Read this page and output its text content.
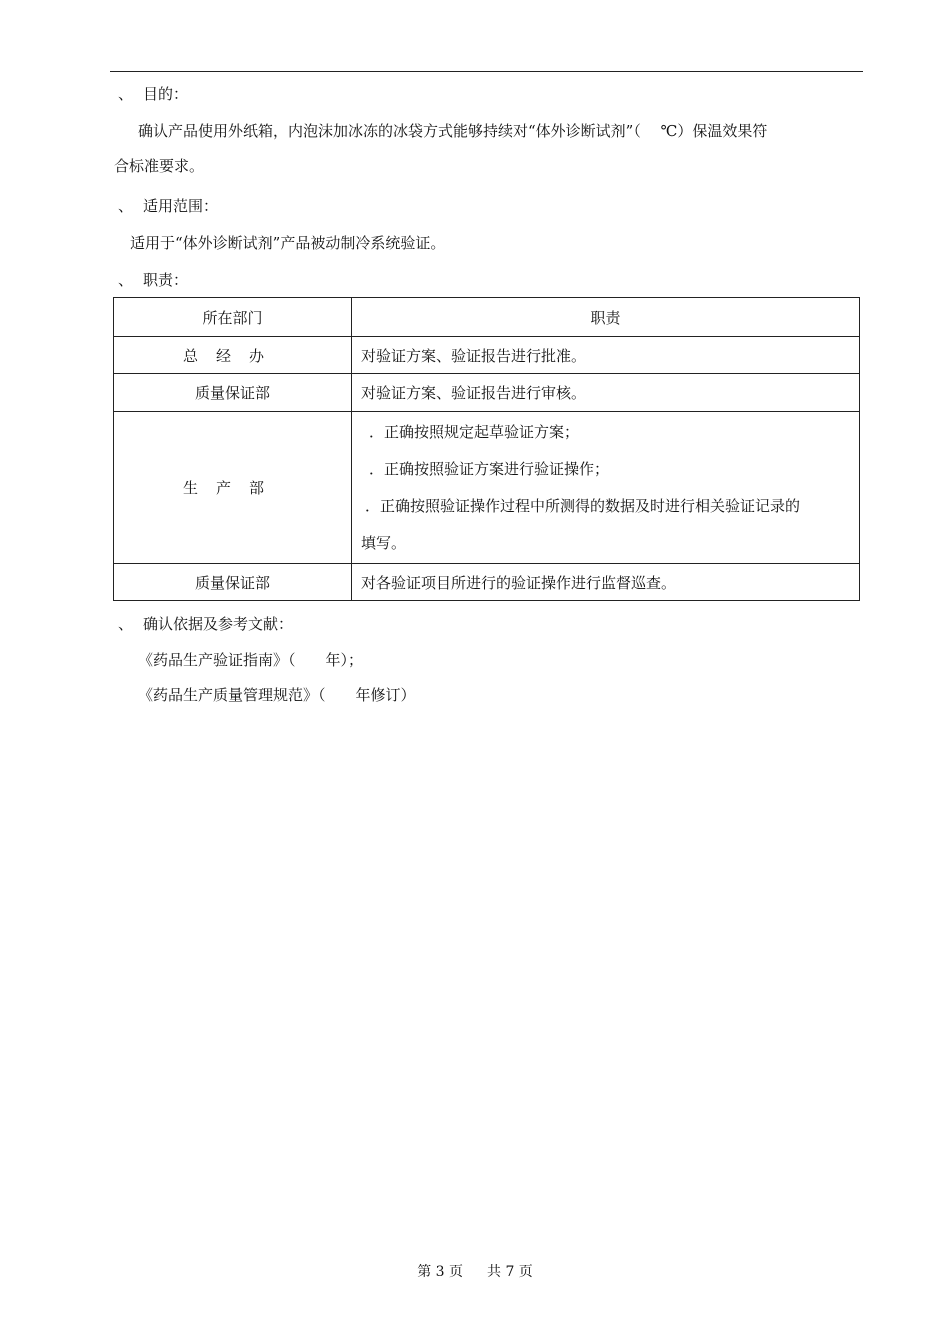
、 目的：
确认产品使用外纸箱，内泡沫加冰冻的冰袋方式能够持续对“体外诊断试剂”（　 ℃）保温效果符
合标准要求。
、 适用范围：
适用于“体外诊断试剂”产品被动制冷系统验证。
、 职责：
所在部门	职责
总经办	对验证方案、验证报告进行批准。
质量保证部	对验证方案、验证报告进行审核。
生产部	．正确按照规定起草验证方案；
．正确按照验证方案进行验证操作；
．正确按照验证操作过程中所测得的数据及时进行相关验证记录的
填写。

质量保证部	对各验证项目所进行的验证操作进行监督巡查。
、 确认依据及参考文献：
《药品生产验证指南》（　　年）；
《药品生产质量管理规范》（　　年修订）
第 3 页 共 7 页
